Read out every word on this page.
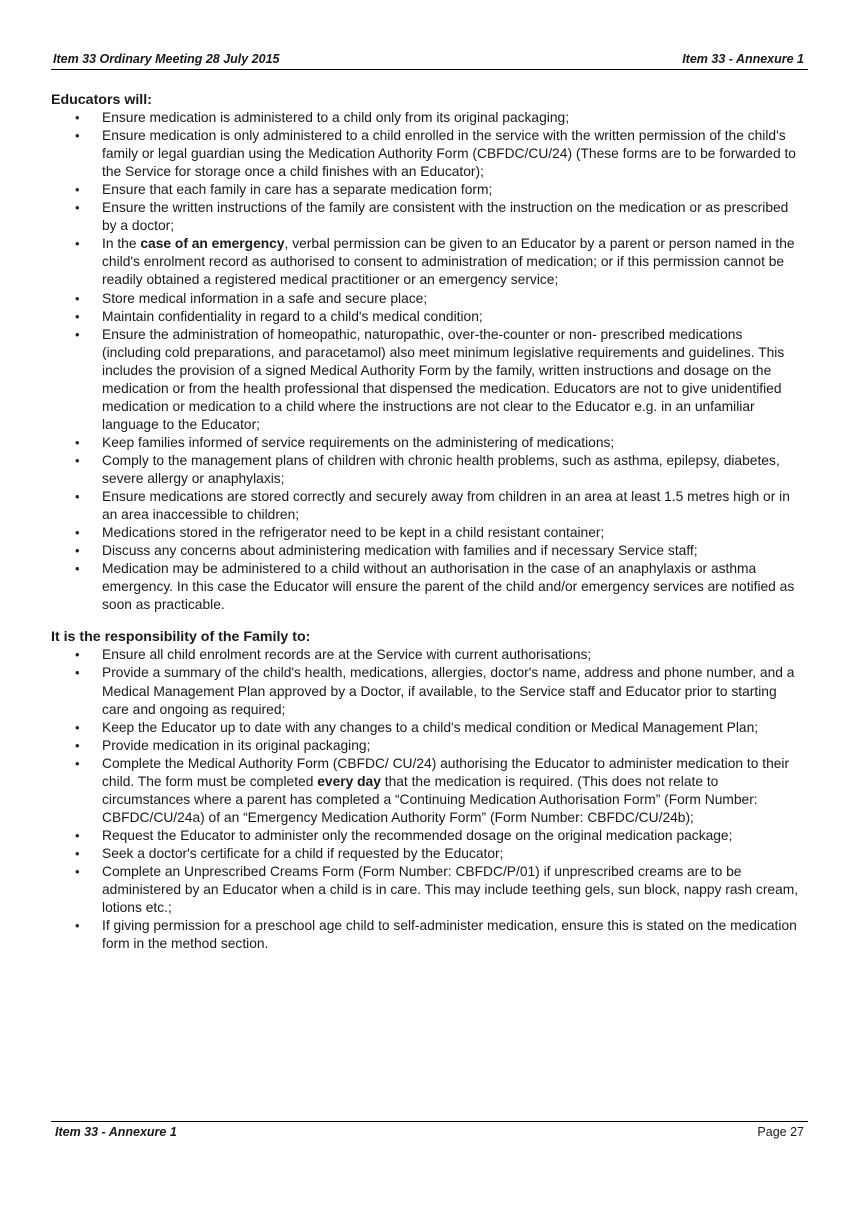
Item 33 Ordinary Meeting 28 July 2015	Item 33 - Annexure 1

Educators will:

• Ensure medication is administered to a child only from its original packaging;
• Ensure medication is only administered to a child enrolled in the service with the written permission of the child's family or legal guardian using the Medication Authority Form (CBFDC/CU/24) (These forms are to be forwarded to the Service for storage once a child finishes with an Educator);
• Ensure that each family in care has a separate medication form;
• Ensure the written instructions of the family are consistent with the instruction on the medication or as prescribed by a doctor;
• In the case of an emergency, verbal permission can be given to an Educator by a parent or person named in the child's enrolment record as authorised to consent to administration of medication; or if this permission cannot be readily obtained a registered medical practitioner or an emergency service;
• Store medical information in a safe and secure place;
• Maintain confidentiality in regard to a child's medical condition;
• Ensure the administration of homeopathic, naturopathic, over-the-counter or non- prescribed medications (including cold preparations, and paracetamol) also meet minimum legislative requirements and guidelines. This includes the provision of a signed Medical Authority Form by the family, written instructions and dosage on the medication or from the health professional that dispensed the medication. Educators are not to give unidentified medication or medication to a child where the instructions are not clear to the Educator e.g. in an unfamiliar language to the Educator;
• Keep families informed of service requirements on the administering of medications;
• Comply to the management plans of children with chronic health problems, such as asthma, epilepsy, diabetes, severe allergy or anaphylaxis;
• Ensure medications are stored correctly and securely away from children in an area at least 1.5 metres high or in an area inaccessible to children;
• Medications stored in the refrigerator need to be kept in a child resistant container;
• Discuss any concerns about administering medication with families and if necessary Service staff;
• Medication may be administered to a child without an authorisation in the case of an anaphylaxis or asthma emergency. In this case the Educator will ensure the parent of the child and/or emergency services are notified as soon as practicable.

It is the responsibility of the Family to:

• Ensure all child enrolment records are at the Service with current authorisations;
• Provide a summary of the child's health, medications, allergies, doctor's name, address and phone number, and a Medical Management Plan approved by a Doctor, if available, to the Service staff and Educator prior to starting care and ongoing as required;
• Keep the Educator up to date with any changes to a child's medical condition or Medical Management Plan;
• Provide medication in its original packaging;
• Complete the Medical Authority Form (CBFDC/ CU/24) authorising the Educator to administer medication to their child. The form must be completed every day that the medication is required. (This does not relate to circumstances where a parent has completed a “Continuing Medication Authorisation Form” (Form Number: CBFDC/CU/24a) of an “Emergency Medication Authority Form” (Form Number: CBFDC/CU/24b);
• Request the Educator to administer only the recommended dosage on the original medication package;
• Seek a doctor's certificate for a child if requested by the Educator;
• Complete an Unprescribed Creams Form (Form Number: CBFDC/P/01) if unprescribed creams are to be administered by an Educator when a child is in care. This may include teething gels, sun block, nappy rash cream, lotions etc.;
• If giving permission for a preschool age child to self-administer medication, ensure this is stated on the medication form in the method section.
Item 33 - Annexure 1	Page 27
